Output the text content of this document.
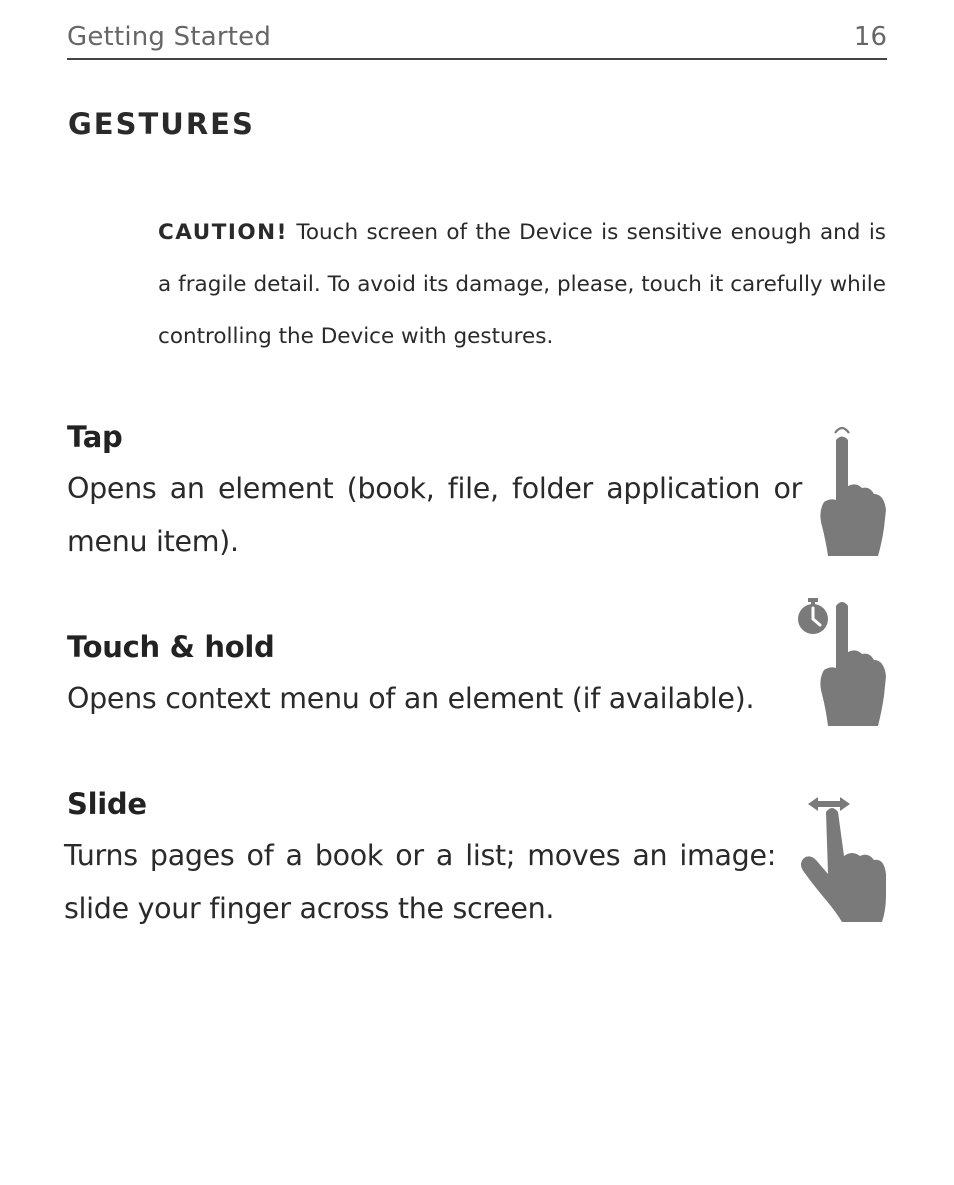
Getting Started	16
GESTURES
CAUTION! Touch screen of the Device is sensitive enough and is a fragile detail. To avoid its damage, please, touch it carefully while controlling the Device with gestures.
Tap
Opens an element (book, file, folder application or menu item).
Touch & hold
Opens context menu of an element (if available).
Slide
Turns pages of a book or a list; moves an image: slide your finger across the screen.
